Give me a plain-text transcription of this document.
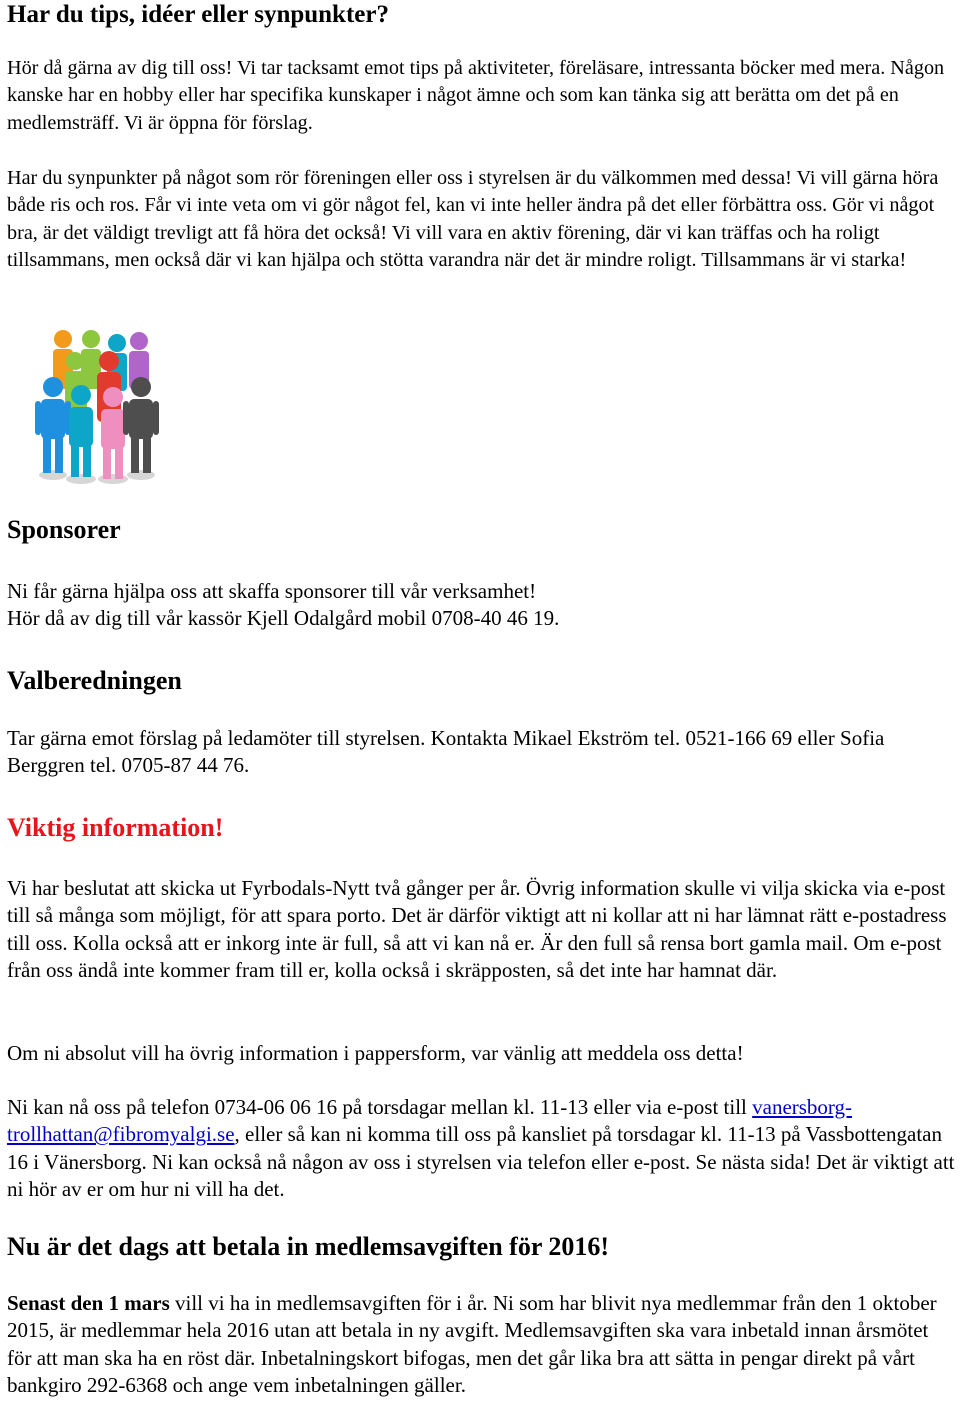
Har du tips, idéer eller synpunkter?

Hör då gärna av dig till oss! Vi tar tacksamt emot tips på aktiviteter, föreläsare, intressanta böcker med mera. Någon kanske har en hobby eller har specifika kunskaper i något ämne och som kan tänka sig att berätta om det på en medlemsträff. Vi är öppna för förslag.

Har du synpunkter på något som rör föreningen eller oss i styrelsen är du välkommen med dessa! Vi vill gärna höra både ris och ros. Får vi inte veta om vi gör något fel, kan vi inte heller ändra på det eller förbättra oss. Gör vi något bra, är det väldigt trevligt att få höra det också! Vi vill vara en aktiv förening, där vi kan träffas och ha roligt tillsammans, men också där vi kan hjälpa och stötta varandra när det är mindre roligt. Tillsammans är vi starka!

Sponsorer

Ni får gärna hjälpa oss att skaffa sponsorer till vår verksamhet!

Hör då av dig till vår kassör Kjell Odalgård mobil 0708-40 46 19.

Valberedningen

Tar gärna emot förslag på ledamöter till styrelsen. Kontakta Mikael Ekström tel. 0521-166 69 eller Sofia Berggren tel. 0705-87 44 76.

Viktig information!

Vi har beslutat att skicka ut Fyrbodals-Nytt två gånger per år. Övrig information skulle vi vilja skicka via e-post till så många som möjligt, för att spara porto. Det är därför viktigt att ni kollar att ni har lämnat rätt e-postadress till oss. Kolla också att er inkorg inte är full, så att vi kan nå er. Är den full så rensa bort gamla mail. Om e-post från oss ändå inte kommer fram till er, kolla också i skräpposten, så det inte har hamnat där.

Om ni absolut vill ha övrig information i pappersform, var vänlig att meddela oss detta!

Ni kan nå oss på telefon 0734-06 06 16 på torsdagar mellan kl. 11-13 eller via e-post till vanersborg-trollhattan@fibromyalgi.se, eller så kan ni komma till oss på kansliet på torsdagar kl. 11-13 på Vassbottengatan 16 i Vänersborg. Ni kan också nå någon av oss i styrelsen via telefon eller e-post. Se nästa sida! Det är viktigt att ni hör av er om hur ni vill ha det.

Nu är det dags att betala in medlemsavgiften för 2016!

Senast den 1 mars vill vi ha in medlemsavgiften för i år. Ni som har blivit nya medlemmar från den 1 oktober 2015, är medlemmar hela 2016 utan att betala in ny avgift. Medlemsavgiften ska vara inbetald innan årsmötet för att man ska ha en röst där. Inbetalningskort bifogas, men det går lika bra att sätta in pengar direkt på vårt bankgiro 292-6368 och ange vem inbetalningen gäller.
